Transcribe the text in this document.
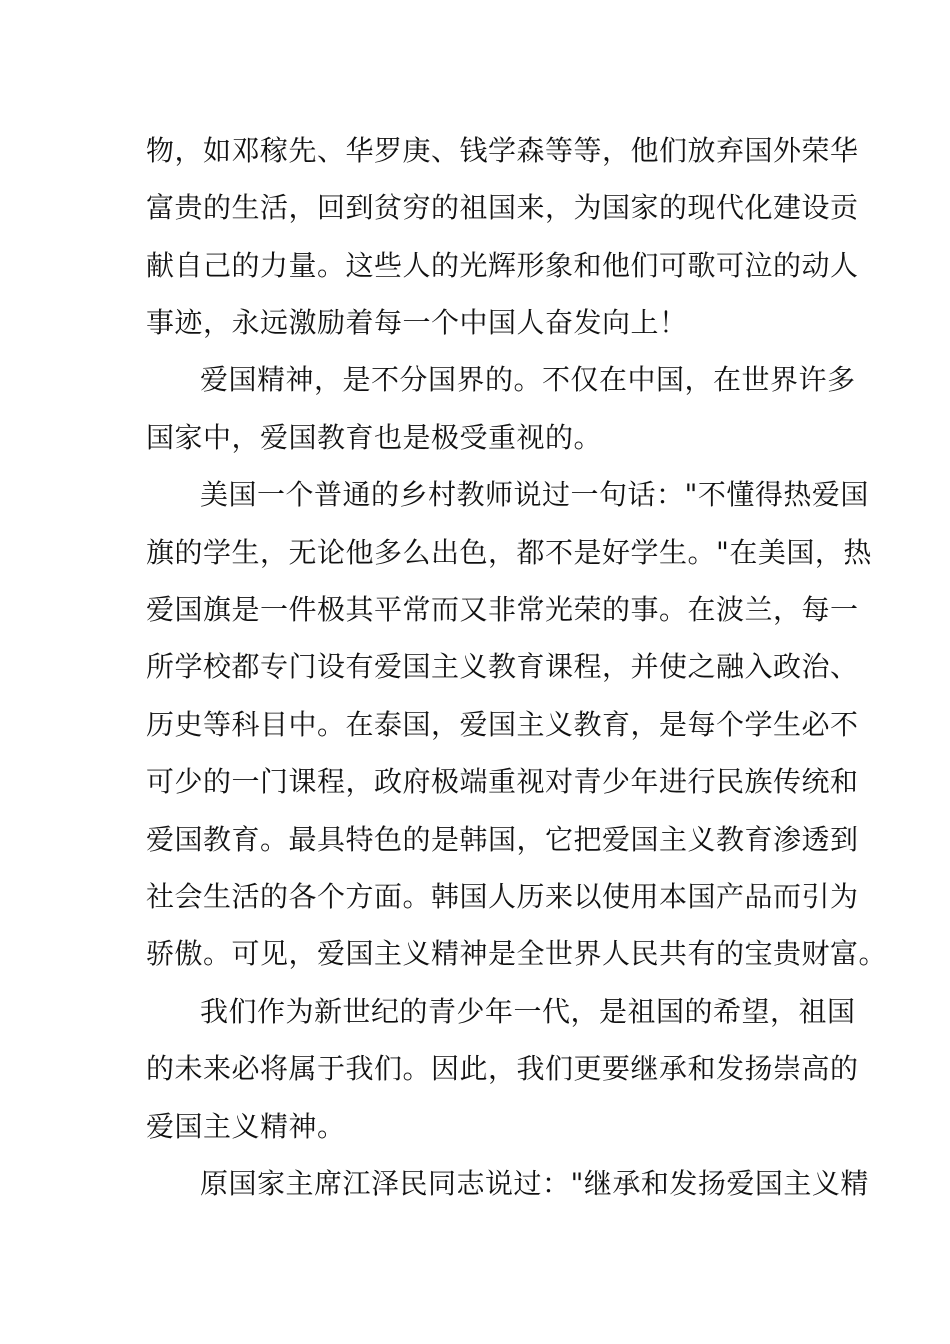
物，如邓稼先、华罗庚、钱学森等等，他们放弃国外荣华
富贵的生活，回到贫穷的祖国来，为国家的现代化建设贡
献自己的力量。这些人的光辉形象和他们可歌可泣的动人
事迹，永远激励着每一个中国人奋发向上！
爱国精神，是不分国界的。不仅在中国，在世界许多
国家中，爱国教育也是极受重视的。
美国一个普通的乡村教师说过一句话："不懂得热爱国
旗的学生，无论他多么出色，都不是好学生。"在美国，热
爱国旗是一件极其平常而又非常光荣的事。在波兰，每一
所学校都专门设有爱国主义教育课程，并使之融入政治、
历史等科目中。在泰国，爱国主义教育，是每个学生必不
可少的一门课程，政府极端重视对青少年进行民族传统和
爱国教育。最具特色的是韩国，它把爱国主义教育渗透到
社会生活的各个方面。韩国人历来以使用本国产品而引为
骄傲。可见，爱国主义精神是全世界人民共有的宝贵财富。
我们作为新世纪的青少年一代，是祖国的希望，祖国
的未来必将属于我们。因此，我们更要继承和发扬崇高的
爱国主义精神。
原国家主席江泽民同志说过："继承和发扬爱国主义精
